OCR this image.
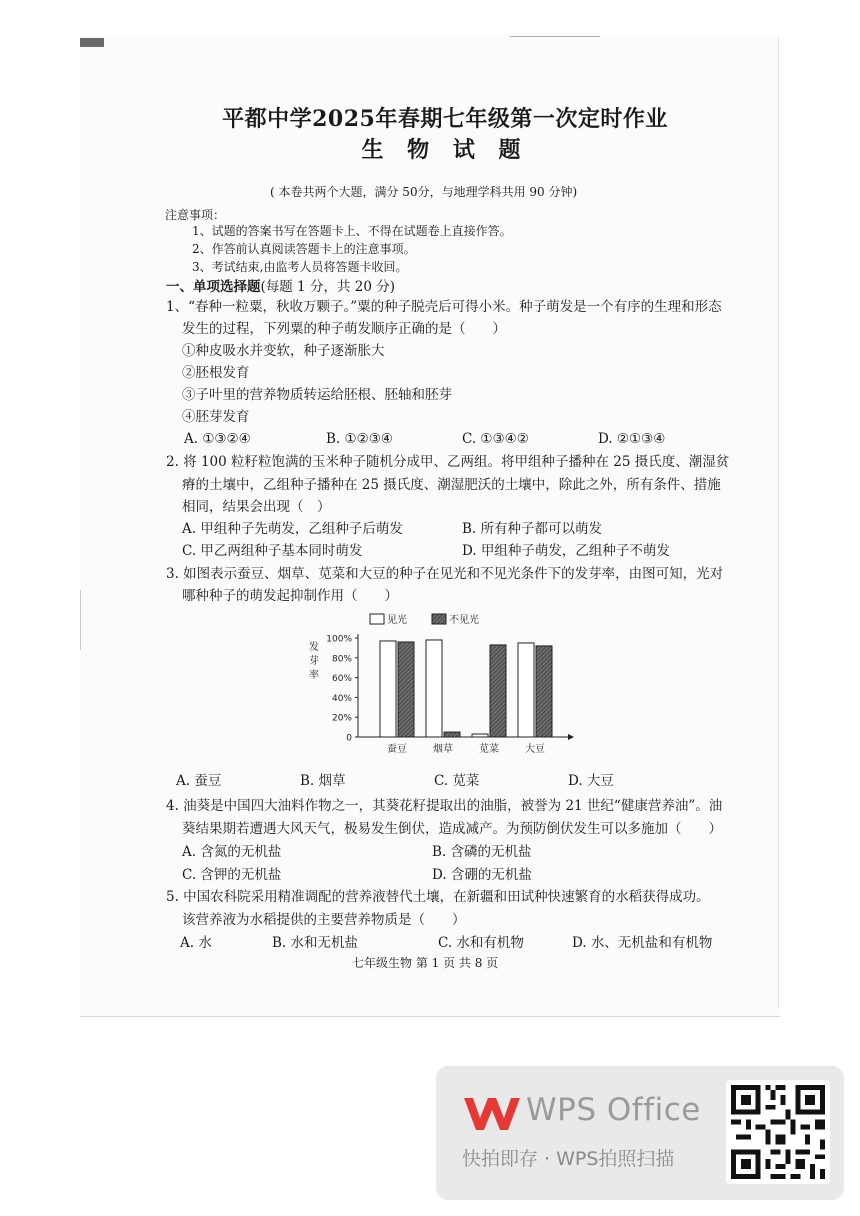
平都中学2025年春期七年级第一次定时作业
生 物 试 题
( 本卷共两个大题，满分 50分，与地理学科共用 90 分钟)
注意事项：
1、试题的答案书写在答题卡上、不得在试题卷上直接作答。
2、作答前认真阅读答题卡上的注意事项。
3、考试结束,由监考人员将答题卡收回。
一、单项选择题(每题 1 分，共 20 分)
1、“春种一粒粟，秋收万颗子。”粟的种子脱壳后可得小米。种子萌发是一个有序的生理和形态
发生的过程，下列粟的种子萌发顺序正确的是（　　）
①种皮吸水并变软，种子逐渐胀大
②胚根发育
③子叶里的营养物质转运给胚根、胚轴和胚芽
④胚芽发育
A. ①③②④	B. ①②③④	C. ①③④②	D. ②①③④
2. 将 100 粒籽粒饱满的玉米种子随机分成甲、乙两组。将甲组种子播种在 25 摄氏度、潮湿贫
瘠的土壤中，乙组种子播种在 25 摄氏度、潮湿肥沃的土壤中，除此之外，所有条件、措施
相同，结果会出现（　）
A. 甲组种子先萌发，乙组种子后萌发	B. 所有种子都可以萌发
C. 甲乙两组种子基本同时萌发	D. 甲组种子萌发，乙组种子不萌发
3. 如图表示蚕豆、烟草、苋菜和大豆的种子在见光和不见光条件下的发芽率，由图可知，光对
哪种种子的萌发起抑制作用（　　）
0
20%
40%
60%
80%
100%
发
芽
率
蚕豆	烟草	苋菜	大豆
见光	不见光
A. 蚕豆	B. 烟草	C. 苋菜	D. 大豆
4. 油葵是中国四大油料作物之一，其葵花籽提取出的油脂，被誉为 21 世纪“健康营养油”。油
葵结果期若遭遇大风天气，极易发生倒伏，造成减产。为预防倒伏发生可以多施加（　　）
A. 含氮的无机盐	B. 含磷的无机盐
C. 含钾的无机盐	D. 含硼的无机盐
5. 中国农科院采用精准调配的营养液替代土壤，在新疆和田试种快速繁育的水稻获得成功。
该营养液为水稻提供的主要营养物质是（　　）
A. 水	B. 水和无机盐	C. 水和有机物	D. 水、无机盐和有机物
七年级生物 第 1 页 共 8 页
WPS Office
快拍即存 · WPS拍照扫描
